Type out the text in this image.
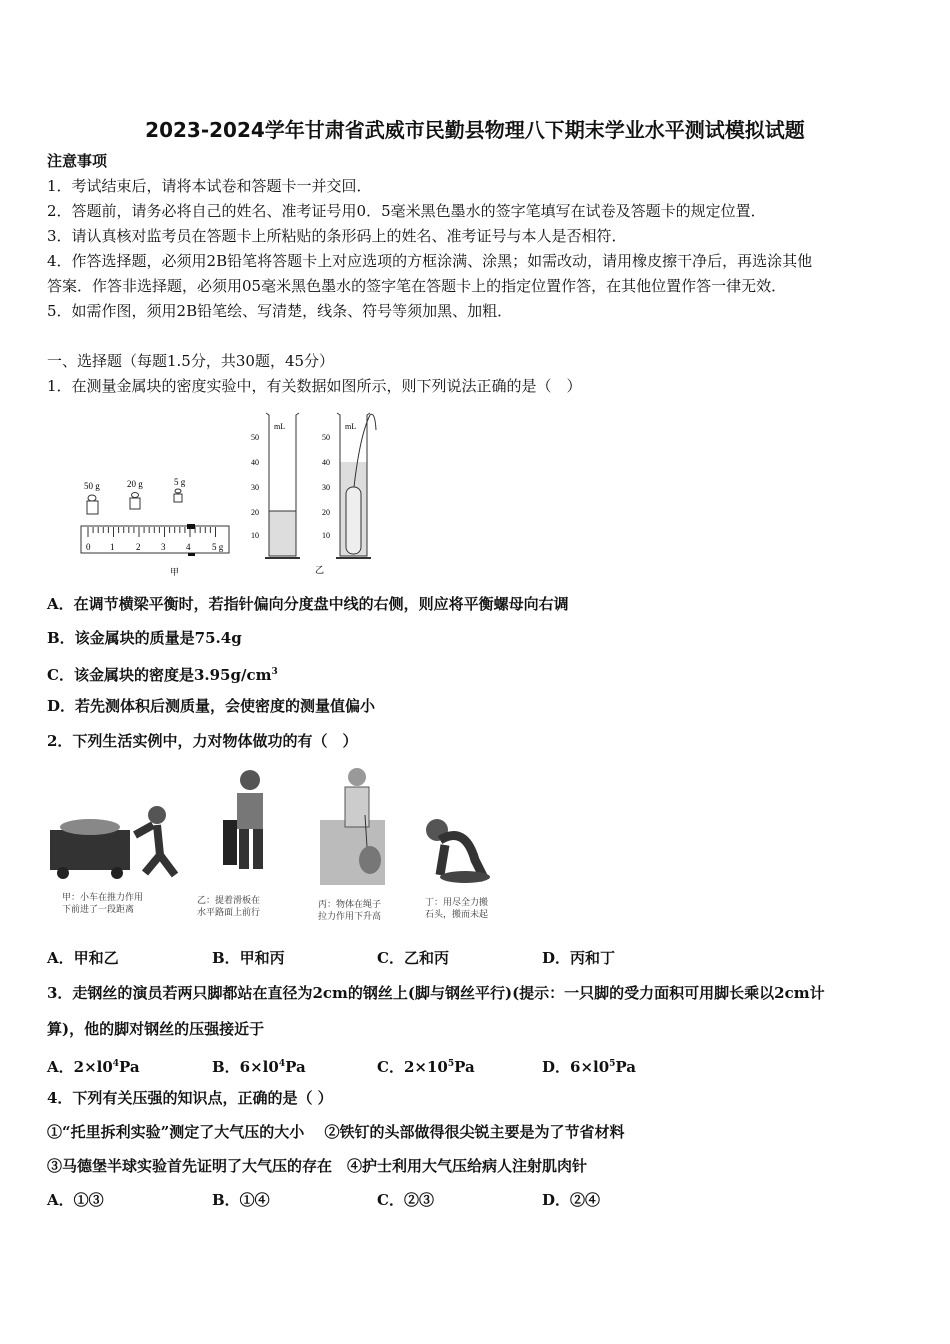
2023-2024学年甘肃省武威市民勤县物理八下期末学业水平测试模拟试题
注意事项
1．考试结束后，请将本试卷和答题卡一并交回．
2．答题前，请务必将自己的姓名、准考证号用0．5毫米黑色墨水的签字笔填写在试卷及答题卡的规定位置．
3．请认真核对监考员在答题卡上所粘贴的条形码上的姓名、准考证号与本人是否相符．
4．作答选择题，必须用2B铅笔将答题卡上对应选项的方框涂满、涂黑；如需改动，请用橡皮擦干净后，再选涂其他
答案．作答非选择题，必须用05毫米黑色墨水的签字笔在答题卡上的指定位置作答，在其他位置作答一律无效．
5．如需作图，须用2B铅笔绘、写清楚，线条、符号等须加黑、加粗．
一、选择题（每题1.5分，共30题，45分）
1．在测量金属块的密度实验中，有关数据如图所示，则下列说法正确的是（　）
50 g	20 g	5 g
0 1 2 3 4 5 g
甲
mL
50
40
30
20
10
mL
50
40
30
20
10
乙
A．在调节横梁平衡时，若指针偏向分度盘中线的右侧，则应将平衡螺母向右调
B．该金属块的质量是75.4g
C．该金属块的密度是$3.95g/cm^3$
D．若先测体积后测质量，会使密度的测量值偏小
2．下列生活实例中，力对物体做功的有（　）
甲：小车在推力作用
下前进了一段距离
乙：提着滑板在
水平路面上前行
丙：物体在绳子
拉力作用下升高
丁：用尽全力搬
石头，搬而未起
A．甲和乙	B．甲和丙	C．乙和丙	D．丙和丁
3．走钢丝的演员若两只脚都站在直径为2cm的钢丝上(脚与钢丝平行)(提示：一只脚的受力面积可用脚长乘以2cm计
算)，他的脚对钢丝的压强接近于
A．$2\times l0^4Pa$	B．$6\times l0^4Pa$	C．$2\times 10^5Pa$	D．$6\times l0^5Pa$
4．下列有关压强的知识点，正确的是（ ）
①“托里拆利实验”测定了大气压的大小　 ②铁钉的头部做得很尖锐主要是为了节省材料
③马德堡半球实验首先证明了大气压的存在　④护士利用大气压给病人注射肌肉针
A．①③	B．①④	C．②③	D．②④
